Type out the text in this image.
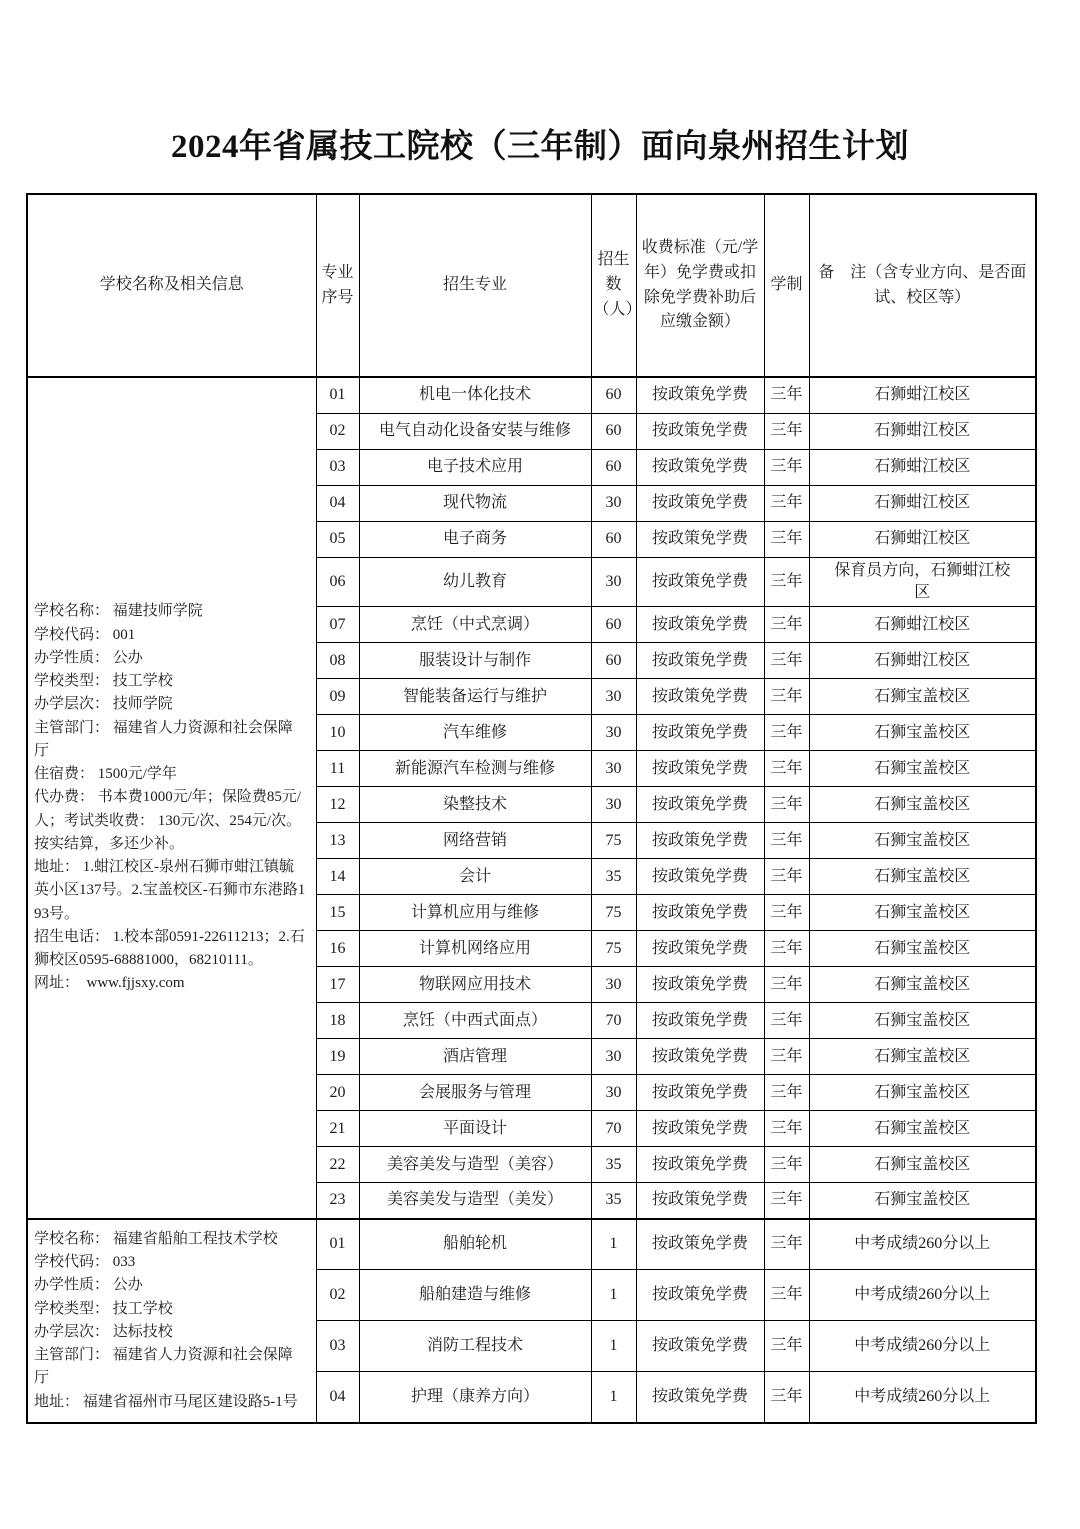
2024年省属技工院校（三年制）面向泉州招生计划
学校名称及相关信息	专业序号	招生专业	招生数（人）	收费标准（元/学年）免学费或扣除免学费补助后应缴金额）	学制	备　注（含专业方向、是否面试、校区等）

学校名称： 福建技师学院
学校代码： 001
办学性质： 公办
学校类型： 技工学校
办学层次： 技师学院
主管部门： 福建省人力资源和社会保障厅
住宿费： 1500元/学年
代办费： 书本费1000元/年；保险费85元/人；考试类收费： 130元/次、254元/次。按实结算，多还少补。
地址： 1.蚶江校区-泉州石狮市蚶江镇毓英小区137号。2.宝盖校区-石狮市东港路193号。
招生电话： 1.校本部0591-22611213；2.石狮校区0595-68881000，68210111。
网址：　www.fjjsxy.com
	01	机电一体化技术	60	按政策免学费	三年	石狮蚶江校区
	02	电气自动化设备安装与维修	60	按政策免学费	三年	石狮蚶江校区
	03	电子技术应用	60	按政策免学费	三年	石狮蚶江校区
	04	现代物流	30	按政策免学费	三年	石狮蚶江校区
	05	电子商务	60	按政策免学费	三年	石狮蚶江校区
	06	幼儿教育	30	按政策免学费	三年	保育员方向，石狮蚶江校区
	07	烹饪（中式烹调）	60	按政策免学费	三年	石狮蚶江校区
	08	服装设计与制作	60	按政策免学费	三年	石狮蚶江校区
	09	智能装备运行与维护	30	按政策免学费	三年	石狮宝盖校区
	10	汽车维修	30	按政策免学费	三年	石狮宝盖校区
	11	新能源汽车检测与维修	30	按政策免学费	三年	石狮宝盖校区
	12	染整技术	30	按政策免学费	三年	石狮宝盖校区
	13	网络营销	75	按政策免学费	三年	石狮宝盖校区
	14	会计	35	按政策免学费	三年	石狮宝盖校区
	15	计算机应用与维修	75	按政策免学费	三年	石狮宝盖校区
	16	计算机网络应用	75	按政策免学费	三年	石狮宝盖校区
	17	物联网应用技术	30	按政策免学费	三年	石狮宝盖校区
	18	烹饪（中西式面点）	70	按政策免学费	三年	石狮宝盖校区
	19	酒店管理	30	按政策免学费	三年	石狮宝盖校区
	20	会展服务与管理	30	按政策免学费	三年	石狮宝盖校区
	21	平面设计	70	按政策免学费	三年	石狮宝盖校区
	22	美容美发与造型（美容）	35	按政策免学费	三年	石狮宝盖校区
	23	美容美发与造型（美发）	35	按政策免学费	三年	石狮宝盖校区

学校名称： 福建省船舶工程技术学校
学校代码： 033
办学性质： 公办
学校类型： 技工学校
办学层次： 达标技校
主管部门： 福建省人力资源和社会保障厅
地址： 福建省福州市马尾区建设路5-1号
	01	船舶轮机	1	按政策免学费	三年	中考成绩260分以上
	02	船舶建造与维修	1	按政策免学费	三年	中考成绩260分以上
	03	消防工程技术	1	按政策免学费	三年	中考成绩260分以上
	04	护理（康养方向）	1	按政策免学费	三年	中考成绩260分以上
